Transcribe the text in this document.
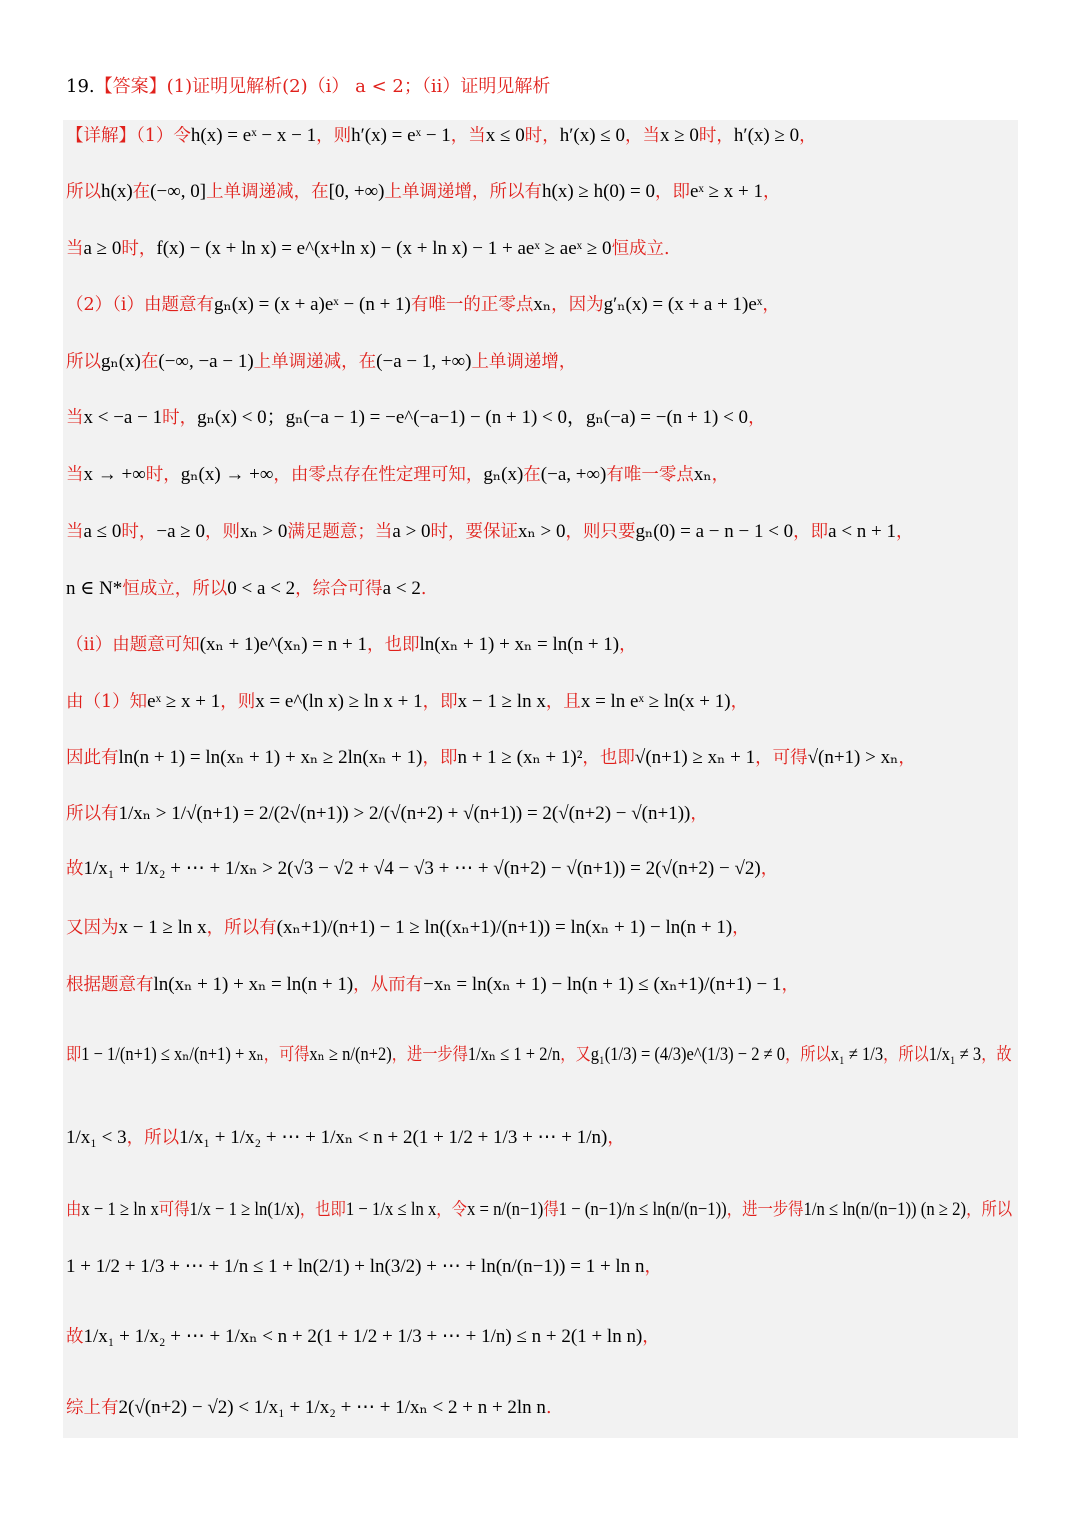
19.【答案】(1)证明见解析(2)（i） a < 2；（ii）证明见解析
【详解】（1）令h(x) = eˣ − x − 1，则h′(x) = eˣ − 1，当x ≤ 0时，h′(x) ≤ 0，当x ≥ 0时，h′(x) ≥ 0，
所以h(x)在(−∞, 0]上单调递减，在[0, +∞)上单调递增，所以有h(x) ≥ h(0) = 0，即eˣ ≥ x + 1，
当a ≥ 0时，f(x) − (x + ln x) = e^(x+ln x) − (x + ln x) − 1 + aeˣ ≥ aeˣ ≥ 0恒成立.
（2）（i）由题意有gₙ(x) = (x + a)eˣ − (n + 1)有唯一的正零点xₙ，因为g′ₙ(x) = (x + a + 1)eˣ，
所以gₙ(x)在(−∞, −a − 1)上单调递减，在(−a − 1, +∞)上单调递增，
当x < −a − 1时，gₙ(x) < 0；gₙ(−a − 1) = −e^(−a−1) − (n + 1) < 0，gₙ(−a) = −(n + 1) < 0，
当x → +∞时，gₙ(x) → +∞，由零点存在性定理可知，gₙ(x)在(−a, +∞)有唯一零点xₙ，
当a ≤ 0时，−a ≥ 0，则xₙ > 0满足题意；当a > 0时，要保证xₙ > 0，则只要gₙ(0) = a − n − 1 < 0，即a < n + 1，
n ∈ N*恒成立，所以0 < a < 2，综合可得a < 2.
（ii）由题意可知(xₙ + 1)e^(xₙ) = n + 1，也即ln(xₙ + 1) + xₙ = ln(n + 1)，
由（1）知eˣ ≥ x + 1，则x = e^(ln x) ≥ ln x + 1，即x − 1 ≥ ln x，且x = ln eˣ ≥ ln(x + 1)，
因此有ln(n + 1) = ln(xₙ + 1) + xₙ ≥ 2ln(xₙ + 1)，即n + 1 ≥ (xₙ + 1)²，也即√(n+1) ≥ xₙ + 1，可得√(n+1) > xₙ，
所以有1/xₙ > 1/√(n+1) = 2/(2√(n+1)) > 2/(√(n+2) + √(n+1)) = 2(√(n+2) − √(n+1))，
故1/x₁ + 1/x₂ + ⋯ + 1/xₙ > 2(√3 − √2 + √4 − √3 + ⋯ + √(n+2) − √(n+1)) = 2(√(n+2) − √2)，
又因为x − 1 ≥ ln x，所以有(xₙ+1)/(n+1) − 1 ≥ ln((xₙ+1)/(n+1)) = ln(xₙ + 1) − ln(n + 1)，
根据题意有ln(xₙ + 1) + xₙ = ln(n + 1)，从而有−xₙ = ln(xₙ + 1) − ln(n + 1) ≤ (xₙ+1)/(n+1) − 1，
即1 − 1/(n+1) ≤ xₙ/(n+1) + xₙ，可得xₙ ≥ n/(n+2)，进一步得1/xₙ ≤ 1 + 2/n，又g₁(1/3) = (4/3)e^(1/3) − 2 ≠ 0，所以x₁ ≠ 1/3，所以1/x₁ ≠ 3，故
1/x₁ < 3，所以1/x₁ + 1/x₂ + ⋯ + 1/xₙ < n + 2(1 + 1/2 + 1/3 + ⋯ + 1/n)，
由x − 1 ≥ ln x可得1/x − 1 ≥ ln(1/x)，也即1 − 1/x ≤ ln x，令x = n/(n−1)得1 − (n−1)/n ≤ ln(n/(n−1))，进一步得1/n ≤ ln(n/(n−1)) (n ≥ 2)，所以
1 + 1/2 + 1/3 + ⋯ + 1/n ≤ 1 + ln(2/1) + ln(3/2) + ⋯ + ln(n/(n−1)) = 1 + ln n，
故1/x₁ + 1/x₂ + ⋯ + 1/xₙ < n + 2(1 + 1/2 + 1/3 + ⋯ + 1/n) ≤ n + 2(1 + ln n)，
综上有2(√(n+2) − √2) < 1/x₁ + 1/x₂ + ⋯ + 1/xₙ < 2 + n + 2ln n.
